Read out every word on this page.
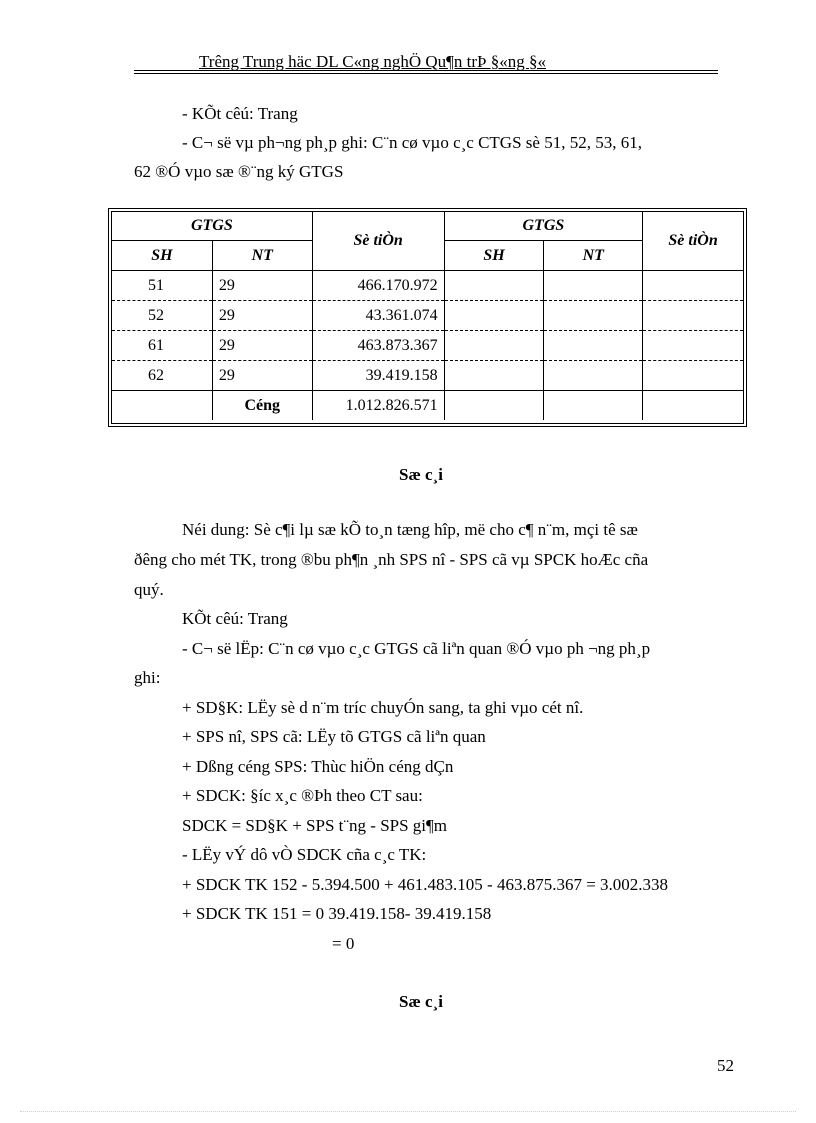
Trêng Trung häc DL C«ng nghÖ Qu¶n trÞ §«ng §«
- KÕt cêú: Trang
- C¬ së vµ ph¬ng ph¸p ghi: C¨n cø vµo c¸c CTGS sè 51, 52, 53, 61,
62 ®Ó vµo sæ ®¨ng ký GTGS
GTGS		Sè tiÒn	GTGS		Sè tiÒn
SH	NT		SH	NT	
51	29	466.170.972			
52	29	43.361.074			
61	29	463.873.367			
62	29	39.419.158			
	Céng	1.012.826.571			
Sæ c¸i
Néi dung: Sè c¶i lµ sæ kÕ to¸n tæng hîp, më cho c¶ n¨m, mçi tê sæ
ðêng cho mét TK, trong ®bu ph¶n ¸nh SPS nî - SPS cã vµ SPCK hoÆc cña
quý.
KÕt cêú: Trang
- C¬ së lËp: C¨n cø vµo c¸c GTGS cã liªn quan ®Ó vµo ph ¬ng ph¸p
ghi:
+ SD§K: LËy sè d n¨m tríc chuyÓn sang, ta ghi vµo cét nî.
+ SPS nî, SPS cã: LËy tõ GTGS cã liªn quan
+ Dßng céng SPS: Thùc hiÖn céng dÇn
+ SDCK: §íc x¸c ®Þh theo CT sau:
SDCK = SD§K + SPS t¨ng - SPS gi¶m
- LËy vÝ dô vÒ SDCK cña c¸c TK:
+ SDCK TK 152 - 5.394.500 + 461.483.105 - 463.875.367 = 3.002.338
+ SDCK TK 151 = 0 39.419.158- 39.419.158
= 0
Sæ c¸i
52
